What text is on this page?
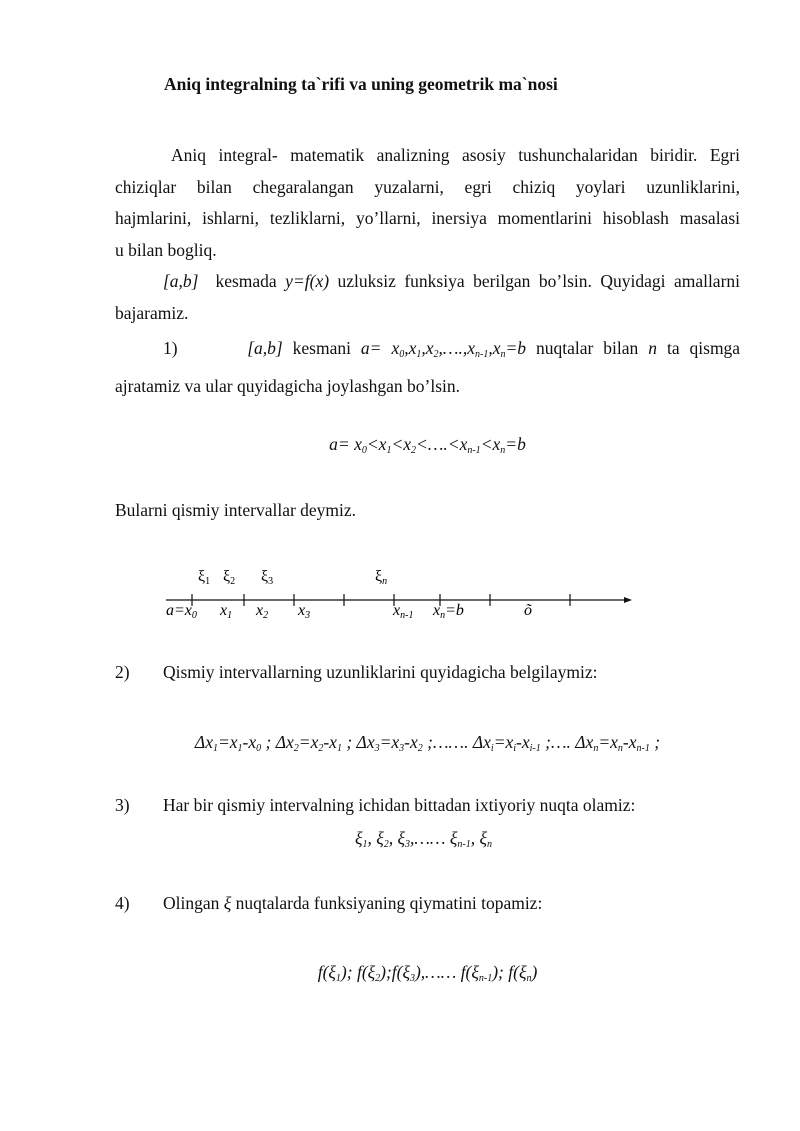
Aniq integralning ta`rifi va uning geometrik ma`nosi
Aniq integral- matematik analizning asosiy tushunchalaridan biridir. Egri
chiziqlar bilan chegaralangan yuzalarni, egri chiziq yoylari uzunliklarini,
hajmlarini, ishlarni, tezliklarni, yo’llarni, inersiya momentlarini hisoblash masalasi
u bilan bogliq.
[a,b] kesmada y=f(x) uzluksiz funksiya berilgan bo’lsin. Quyidagi amallarni
bajaramiz.
1)	[a,b] kesmani $a= x_0,x_1,x_2,\dots.,x_{n-1},x_n=b$ nuqtalar bilan n ta qismga
ajratamiz va ular quyidagicha joylashgan bo’lsin.
$a= x_0<x_1<x_2<\dots.<x_{n-1}<x_n=b$
Bularni qismiy intervallar deymiz.
ξ1 ξ2 ξ3	ξn
a=x0 x1 x2 x3	xn-1 xn=b	õ
2) Qismiy intervallarning uzunliklarini quyidagicha belgilaymiz:
$\Delta x_1=x_1-x_0$ ; $\Delta x_2=x_2-x_1$ ; $\Delta x_3=x_3-x_2$ ;……. $\Delta x_i=x_i-x_{i-1}$ ;…. $\Delta x_n=x_n-x_{n-1}$ ;
3) Har bir qismiy intervalning ichidan bittadan ixtiyoriy nuqta olamiz:
$\xi_1$, $\xi_2$, $\xi_3,\dots\dots$ $\xi_{n-1}$, $\xi_n$
4) Olingan ξ nuqtalarda funksiyaning qiymatini topamiz:
$f(\xi_1)$; $f(\xi_2);f(\xi_3),\dots\dots$ $f(\xi_{n-1})$; $f(\xi_n)$
